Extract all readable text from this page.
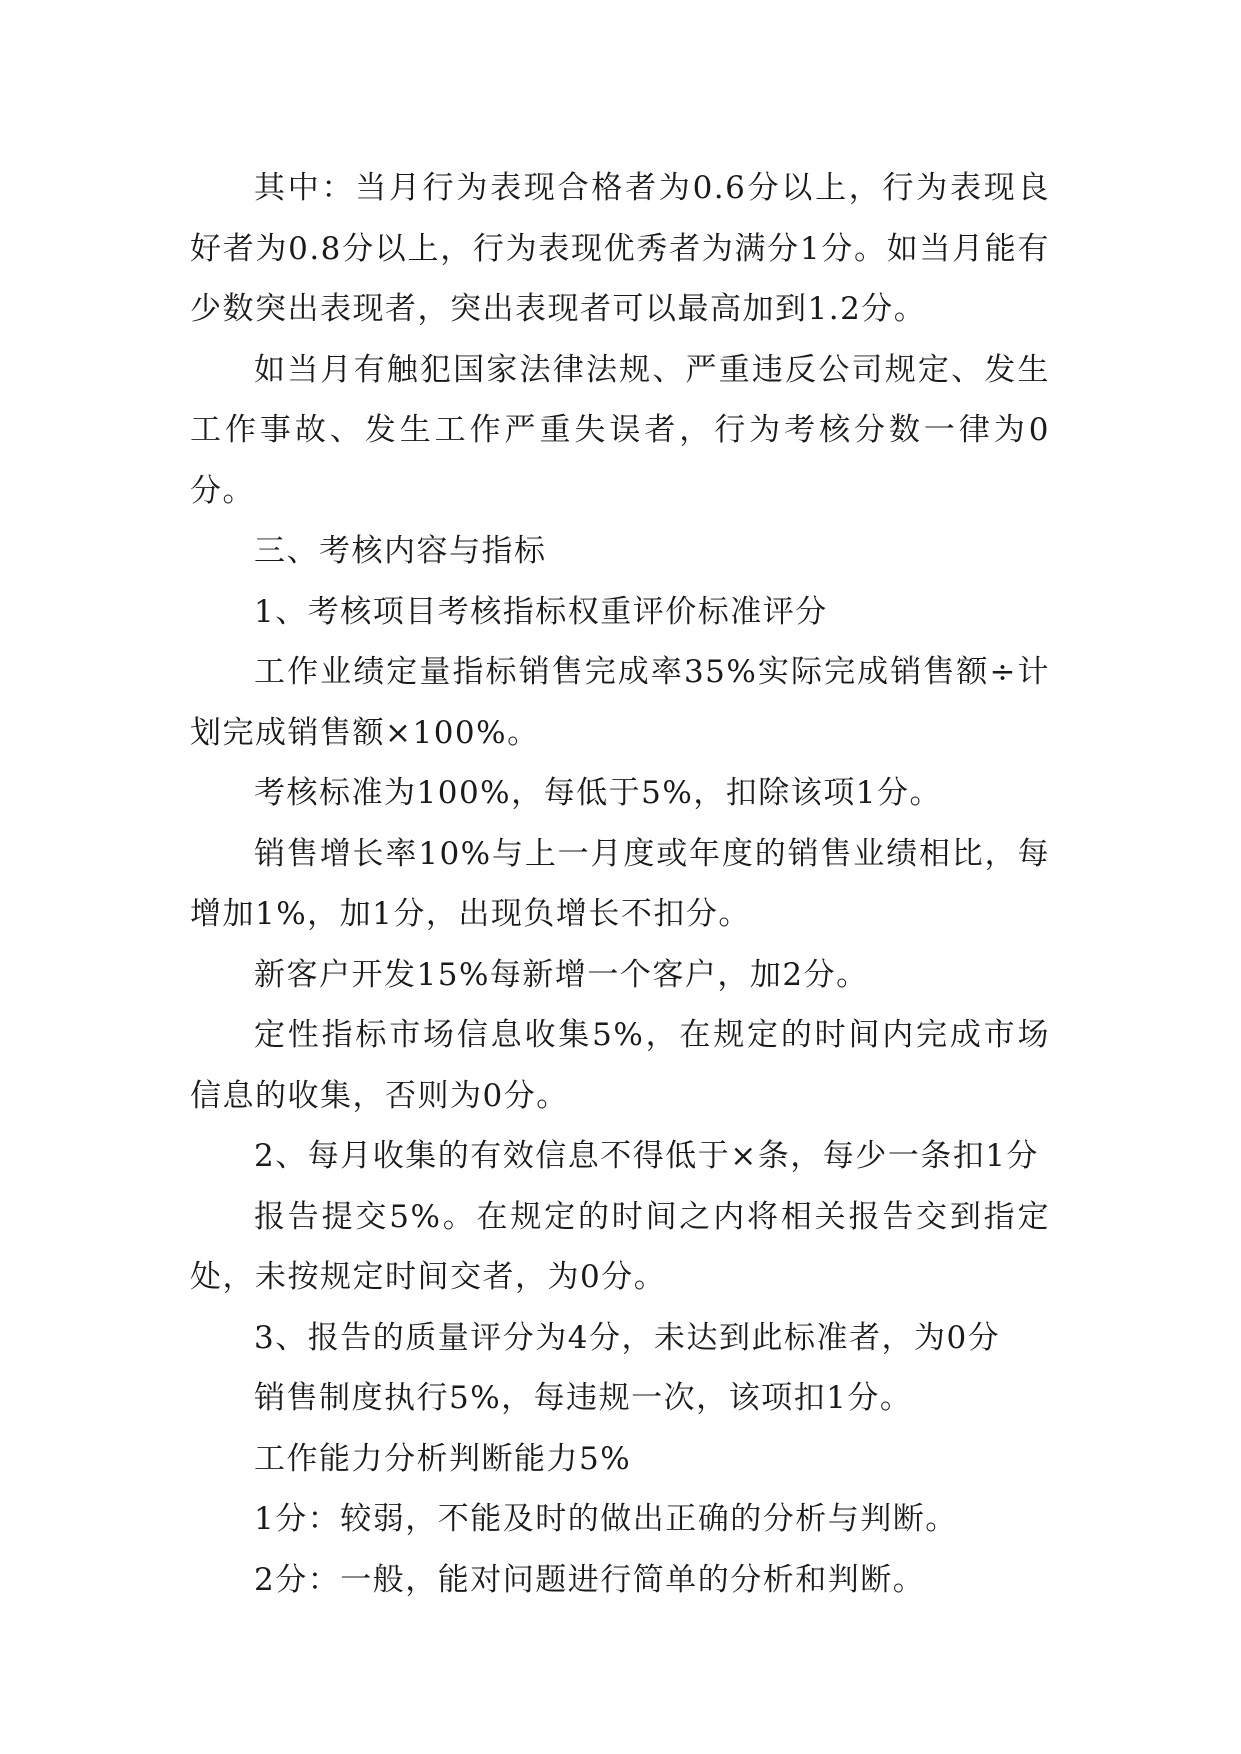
其中：当月行为表现合格者为0.6分以上，行为表现良好者为0.8分以上，行为表现优秀者为满分1分。如当月能有少数突出表现者，突出表现者可以最高加到1.2分。

如当月有触犯国家法律法规、严重违反公司规定、发生工作事故、发生工作严重失误者，行为考核分数一律为0分。

三、考核内容与指标

1、考核项目考核指标权重评价标准评分

工作业绩定量指标销售完成率35%实际完成销售额÷计划完成销售额×100%。

考核标准为100%，每低于5%，扣除该项1分。

销售增长率10%与上一月度或年度的销售业绩相比，每增加1%，加1分，出现负增长不扣分。

新客户开发15%每新增一个客户，加2分。

定性指标市场信息收集5%，在规定的时间内完成市场信息的收集，否则为0分。

2、每月收集的有效信息不得低于×条，每少一条扣1分

报告提交5%。在规定的时间之内将相关报告交到指定处，未按规定时间交者，为0分。

3、报告的质量评分为4分，未达到此标准者，为0分

销售制度执行5%，每违规一次，该项扣1分。

工作能力分析判断能力5%

1分：较弱，不能及时的做出正确的分析与判断。

2分：一般，能对问题进行简单的分析和判断。
